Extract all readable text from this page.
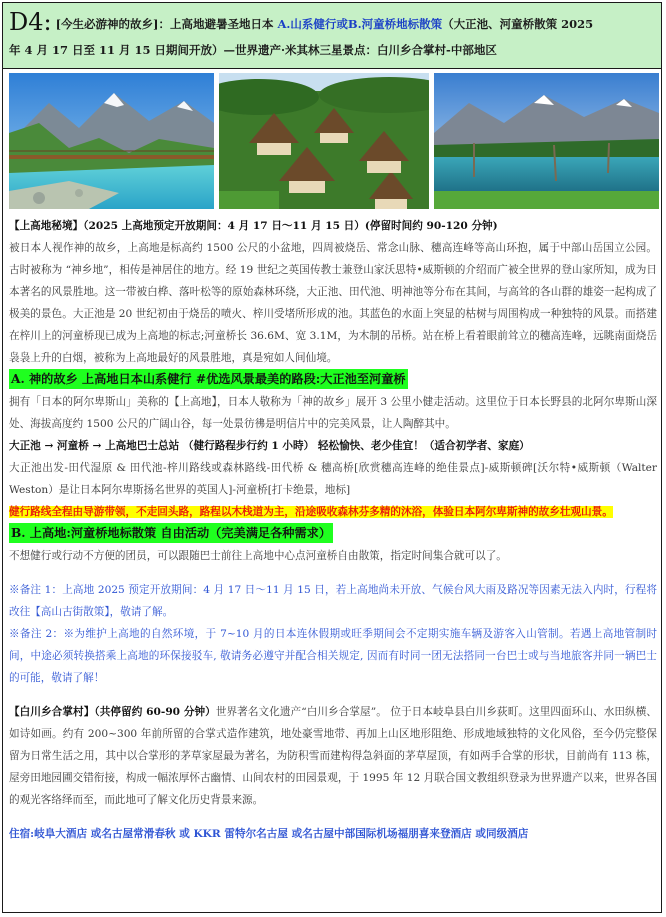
D4: [今生必游神的故乡]：上高地避暑圣地日本 A.山系健行或B.河童桥地标散策（大正池、河童桥散策 2025
年 4 月 17 日至 11 月 15 日期间开放）—世界遗产·米其林三星景点：白川乡合掌村-中部地区

【上高地秘境】（2025 上高地预定开放期间：4 月 17 日～11 月 15 日）(停留时间约 90-120 分钟)

被日本人视作神的故乡，上高地是标高约 1500 公尺的小盆地，四周被烧岳、常念山脉、穗高连峰等高山环抱，属于中部山岳国立公园。古时被称为 “神乡地”，相传是神居住的地方。经 19 世纪之英国传教士兼登山家沃思特•威斯顿的介绍而广被全世界的登山家所知，成为日本著名的风景胜地。这一带被白桦、落叶松等的原始森林环绕，大正池、田代池、明神池等分布在其间，与高耸的各山群的雄姿一起构成了极美的景色。大正池是 20 世纪初由于烧岳的喷火、梓川受堵所形成的池。其蓝色的水面上突显的枯树与周围构成一种独特的风景。而搭建在梓川上的河童桥现已成为上高地的标志;河童桥长 36.6M、宽 3.1M，为木制的吊桥。站在桥上看着眼前耸立的穗高连峰，远眺南面烧岳袅袅上升的白烟，被称为上高地最好的风景胜地，真是宛如人间仙境。

A. 神的故乡 上高地日本山系健行 #优选风景最美的路段:大正池至河童桥

拥有「日本的阿尔卑斯山」美称的【上高地】，日本人敬称为「神的故乡」展开 3 公里小健走活动。这里位于日本长野县的北阿尔卑斯山深处、海拔高度约 1500 公尺的广阔山谷，每一处景彷彿是明信片中的完美风景，让人陶醉其中。

大正池 → 河童桥 → 上高地巴士总站 （健行路程步行约 1 小時） 轻松愉快、老少佳宜！（适合初学者、家庭）

大正池出发-田代湿原 & 田代池-梓川路线或森林路线-田代桥 & 穗高桥[欣赏穗高连峰的绝佳景点]-威斯顿碑[沃尔特•威斯顿（Walter Weston）是让日本阿尔卑斯扬名世界的英国人]-河童桥[打卡绝景，地标]

健行路线全程由导游带领，不走回头路，路程以木栈道为主，沿途吸收森林芬多精的沐浴，体验日本阿尔卑斯神的故乡壮观山景。

B. 上高地:河童桥地标散策 自由活动（完美满足各种需求）

不想健行或行动不方便的团员，可以跟随巴士前往上高地中心点河童桥自由散策，指定时间集合就可以了。

※备注 1：上高地 2025 预定开放期间：4 月 17 日～11 月 15 日，若上高地尚未开放、气候台风大雨及路况等因素无法入内时，行程将改往【高山古街散策】，敬请了解。

※备注 2：※为维护上高地的自然环境，于 7~10 月的日本连休假期或旺季期间会不定期实施车辆及游客入山管制。若遇上高地管制时间，中途必须转换搭乘上高地的环保接驳车, 敬请务必遵守并配合相关规定, 因而有时同一团无法搭同一台巴士或与当地旅客并同一辆巴士的可能，敬请了解！

【白川乡合掌村】（共停留约 60-90 分钟）世界著名文化遗产“白川乡合掌屋”。 位于日本岐阜县白川乡荻町。这里四面环山、水田纵横、如诗如画。约有 200~300 年前所留的合掌式造作建筑，地处豪雪地带、再加上山区地形阻绝、形成地域独特的文化风俗，至今仍完整保留为日常生活之用，其中以合掌形的茅草家屋最为著名，为防积雪而建构得急斜面的茅草屋顶，有如两手合掌的形状，目前尚有 113 栋，屋旁田地园圃交错衔接，构成一幅浓厚怀古幽情、山间农村的田园景观，于 1995 年 12 月联合国文教组织登录为世界遗产以来，世界各国的观光客络绎而至，而此地可了解文化历史背景来源。

住宿:岐阜大酒店 或名古屋常滑春秋 或 KKR 雷特尔名古屋 或名古屋中部国际机场福朋喜来登酒店 或同级酒店
